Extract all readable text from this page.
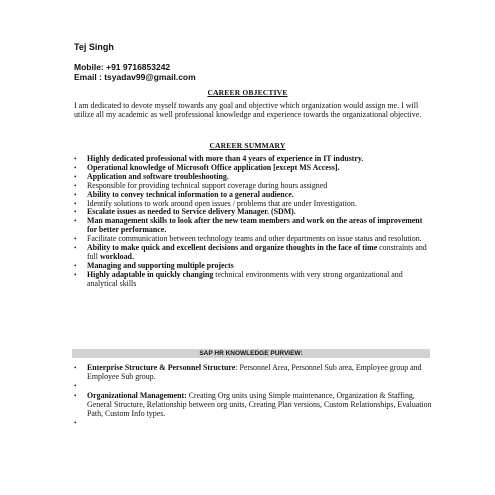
Tej Singh
Mobile: +91 9716853242
Email : tsyadav99@gmail.com
CAREER OBJECTIVE
I am dedicated to devote myself towards any goal and objective which organization would assign me. I will utilize all my academic as well professional knowledge and experience towards the organizational objective.
CAREER SUMMARY
• Highly dedicated professional with more than 4 years of experience in IT industry.
• Operational knowledge of Microsoft Office application [except MS Access].
• Application and software troubleshooting.
• Responsible for providing technical support coverage during hours assigned
• Ability to convey technical information to a general audience.
• Identify solutions to work around open issues / problems that are under Investigation.
• Escalate issues as needed to Service delivery Manager. (SDM).
• Man management skills to look after the new team members and work on the areas of improvement for better performance.
• Facilitate communication between technology teams and other departments on issue status and resolution.
• Ability to make quick and excellent decisions and organize thoughts in the face of time constraints and full workload.
• Managing and supporting multiple projects
• Highly adaptable in quickly changing technical environments with very strong organizational and analytical skills
SAP HR KNOWLEDGE PURVIEW:
• Enterprise Structure & Personnel Structure: Personnel Area, Personnel Sub area, Employee group and Employee Sub group.
•
• Organizational Management: Creating Org units using Simple maintenance, Organization & Staffing, General Structure, Relationship between org units, Creating Plan versions, Custom Relationships, Evaluation Path, Custom Info types.
•
